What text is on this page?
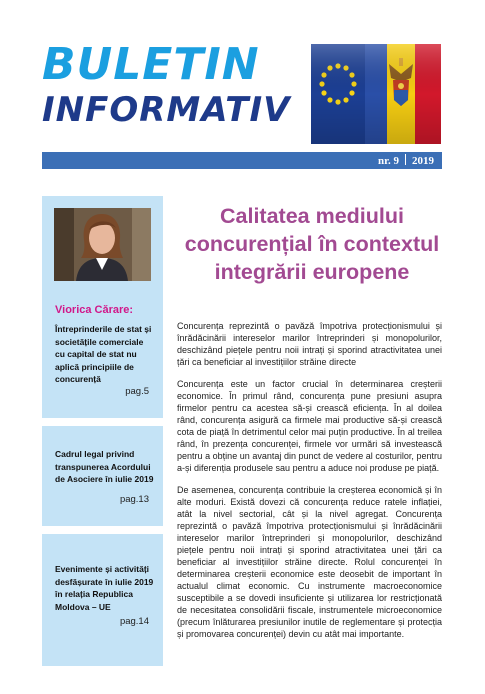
BULETIN
INFORMATIV
nr. 9 2019
Viorica Cărare:
Întreprinderile de stat și societățile comerciale cu capital de stat nu aplică principiile de concurență
pag.5
Cadrul legal privind transpunerea Acordului de Asociere în iulie 2019
pag.13
Evenimente și activități desfășurate în iulie 2019 în relația Republica Moldova – UE
pag.14
Calitatea mediului concurențial în contextul integrării europene

Concurența reprezintă o pavăză împotriva protecționismului și înrădăcinării intereselor marilor întreprinderi și monopolurilor, deschizând piețele pentru noii intrați și sporind atractivitatea unei țări ca beneficiar al investițiilor străine directe

Concurența este un factor crucial în determinarea creșterii economice. În primul rând, concurența pune presiuni asupra firmelor pentru ca acestea să-și crească eficiența. În al doilea rând, concurența asigură ca firmele mai productive să-și crească cota de piață în detrimentul celor mai puțin productive. În al treilea rând, în prezența concurenței, firmele vor urmări să investească pentru a obține un avantaj din punct de vedere al costurilor, pentru a-și diferenția produsele sau pentru a aduce noi produse pe piață.

De asemenea, concurența contribuie la creșterea economică și în alte moduri. Există dovezi că concurența reduce ratele inflației, atât la nivel sectorial, cât și la nivel agregat. Concurența reprezintă o pavăză împotriva protecționismului și înrădăcinării intereselor marilor întreprinderi și monopolurilor, deschizând piețele pentru noii intrați și sporind atractivitatea unei țări ca beneficiar al investițiilor străine directe. Rolul concurenței în determinarea creșterii economice este deosebit de important în actualul climat economic. Cu instrumente macroeconomice susceptibile a se dovedi insuficiente și utilizarea lor restricționată de necesitatea consolidării fiscale, instrumentele microeconomice (precum înlăturarea presiunilor inutile de reglementare și protecția și promovarea concurenței) devin cu atât mai importante.
